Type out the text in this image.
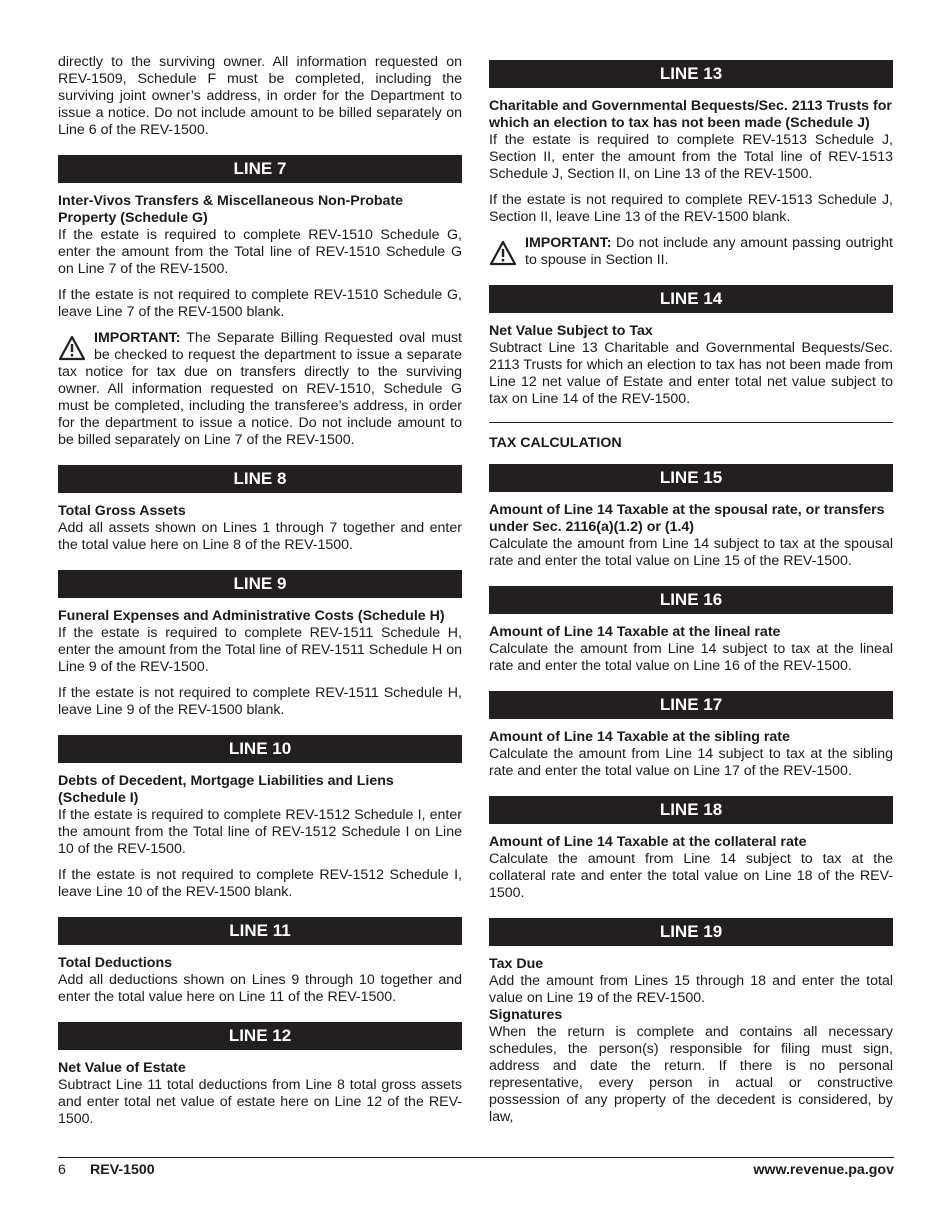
directly to the surviving owner. All information requested on REV-1509, Schedule F must be completed, including the surviving joint owner’s address, in order for the Department to issue a notice. Do not include amount to be billed separately on Line 6 of the REV-1500.

LINE 7

Inter-Vivos Transfers & Miscellaneous Non-Probate Property (Schedule G)

If the estate is required to complete REV-1510 Schedule G, enter the amount from the Total line of REV-1510 Schedule G on Line 7 of the REV-1500.

If the estate is not required to complete REV-1510 Schedule G, leave Line 7 of the REV-1500 blank.

IMPORTANT: The Separate Billing Requested oval must be checked to request the department to issue a separate tax notice for tax due on transfers directly to the surviving owner. All information requested on REV-1510, Schedule G must be completed, including the transferee’s address, in order for the department to issue a notice. Do not include amount to be billed separately on Line 7 of the REV-1500.

LINE 8

Total Gross Assets

Add all assets shown on Lines 1 through 7 together and enter the total value here on Line 8 of the REV-1500.

LINE 9

Funeral Expenses and Administrative Costs (Schedule H)

If the estate is required to complete REV-1511 Schedule H, enter the amount from the Total line of REV-1511 Schedule H on Line 9 of the REV-1500.

If the estate is not required to complete REV-1511 Schedule H, leave Line 9 of the REV-1500 blank.

LINE 10

Debts of Decedent, Mortgage Liabilities and Liens (Schedule I)

If the estate is required to complete REV-1512 Schedule I, enter the amount from the Total line of REV-1512 Schedule I on Line 10 of the REV-1500.

If the estate is not required to complete REV-1512 Schedule I, leave Line 10 of the REV-1500 blank.

LINE 11

Total Deductions

Add all deductions shown on Lines 9 through 10 together and enter the total value here on Line 11 of the REV-1500.

LINE 12

Net Value of Estate

Subtract Line 11 total deductions from Line 8 total gross assets and enter total net value of estate here on Line 12 of the REV-1500.

LINE 13

Charitable and Governmental Bequests/Sec. 2113 Trusts for which an election to tax has not been made (Schedule J)

If the estate is required to complete REV-1513 Schedule J, Section II, enter the amount from the Total line of REV-1513 Schedule J, Section II, on Line 13 of the REV-1500.

If the estate is not required to complete REV-1513 Schedule J, Section II, leave Line 13 of the REV-1500 blank.

IMPORTANT: Do not include any amount passing outright to spouse in Section II.

LINE 14

Net Value Subject to Tax

Subtract Line 13 Charitable and Governmental Bequests/Sec. 2113 Trusts for which an election to tax has not been made from Line 12 net value of Estate and enter total net value subject to tax on Line 14 of the REV-1500.

TAX CALCULATION

LINE 15

Amount of Line 14 Taxable at the spousal rate, or transfers under Sec. 2116(a)(1.2) or (1.4)

Calculate the amount from Line 14 subject to tax at the spousal rate and enter the total value on Line 15 of the REV-1500.

LINE 16

Amount of Line 14 Taxable at the lineal rate

Calculate the amount from Line 14 subject to tax at the lineal rate and enter the total value on Line 16 of the REV-1500.

LINE 17

Amount of Line 14 Taxable at the sibling rate

Calculate the amount from Line 14 subject to tax at the sibling rate and enter the total value on Line 17 of the REV-1500.

LINE 18

Amount of Line 14 Taxable at the collateral rate

Calculate the amount from Line 14 subject to tax at the collateral rate and enter the total value on Line 18 of the REV-1500.

LINE 19

Tax Due

Add the amount from Lines 15 through 18 and enter the total value on Line 19 of the REV-1500.

Signatures

When the return is complete and contains all necessary schedules, the person(s) responsible for filing must sign, address and date the return. If there is no personal representative, every person in actual or constructive possession of any property of the decedent is considered, by law,

6 REV-1500	www.revenue.pa.gov
